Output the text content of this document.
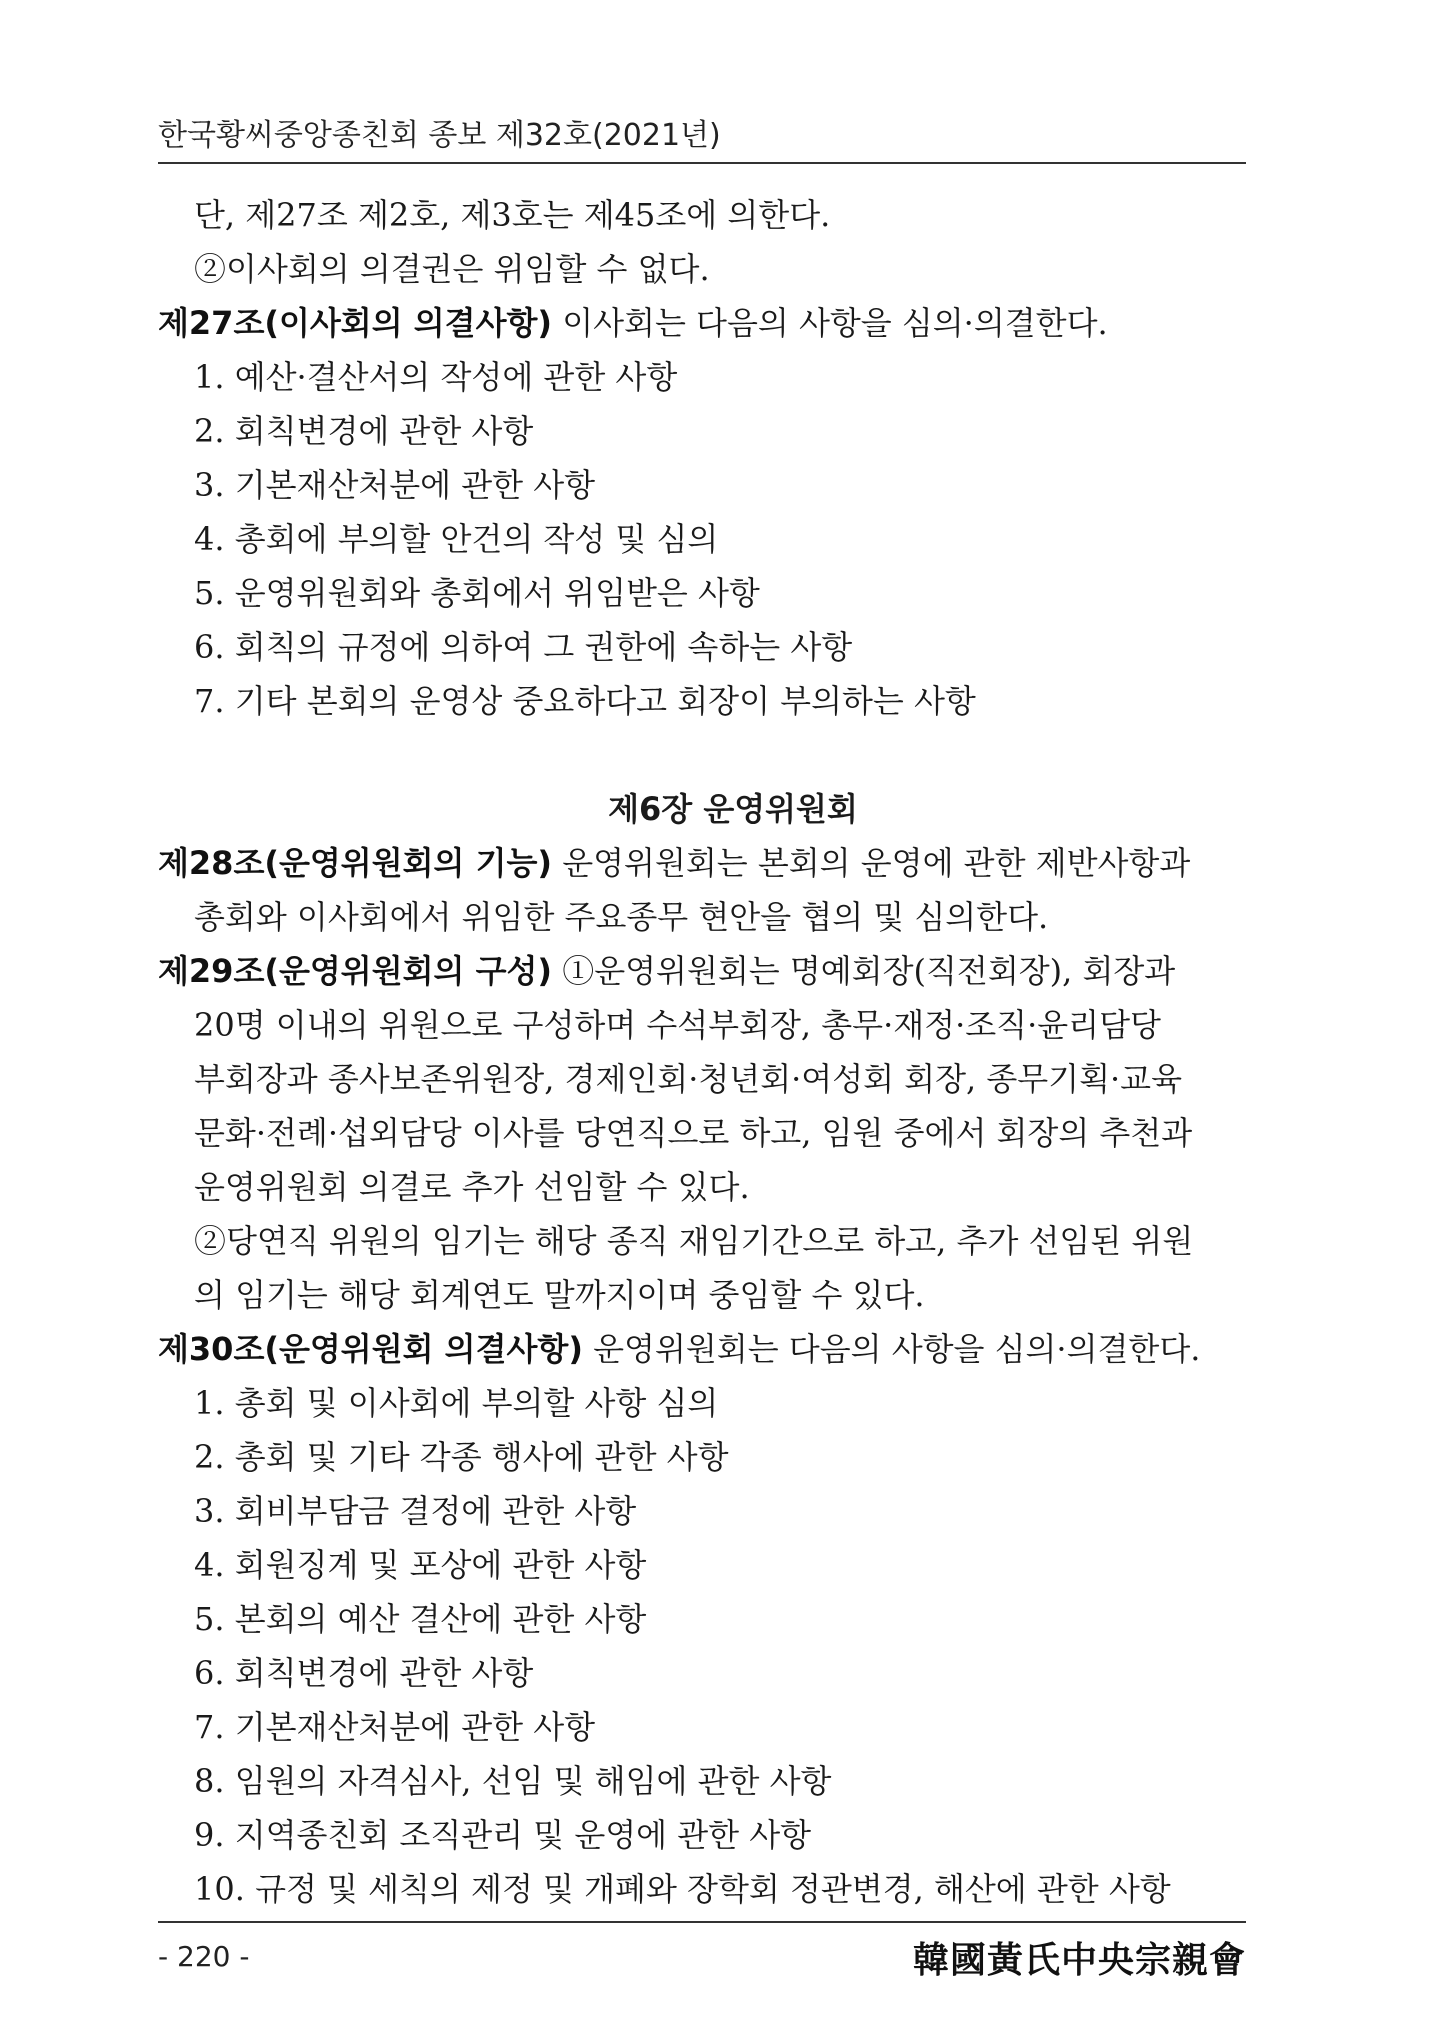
한국황씨중앙종친회 종보 제32호(2021년)
단, 제27조 제2호, 제3호는 제45조에 의한다.
②이사회의 의결권은 위임할 수 없다.
제27조(이사회의 의결사항) 이사회는 다음의 사항을 심의·의결한다.
1. 예산·결산서의 작성에 관한 사항
2. 회칙변경에 관한 사항
3. 기본재산처분에 관한 사항
4. 총회에 부의할 안건의 작성 및 심의
5. 운영위원회와 총회에서 위임받은 사항
6. 회칙의 규정에 의하여 그 권한에 속하는 사항
7. 기타 본회의 운영상 중요하다고 회장이 부의하는 사항
제6장 운영위원회
제28조(운영위원회의 기능) 운영위원회는 본회의 운영에 관한 제반사항과
총회와 이사회에서 위임한 주요종무 현안을 협의 및 심의한다.
제29조(운영위원회의 구성) ①운영위원회는 명예회장(직전회장), 회장과
20명 이내의 위원으로 구성하며 수석부회장, 총무·재정·조직·윤리담당
부회장과 종사보존위원장, 경제인회·청년회·여성회 회장, 종무기획·교육
문화·전례·섭외담당 이사를 당연직으로 하고, 임원 중에서 회장의 추천과
운영위원회 의결로 추가 선임할 수 있다.
②당연직 위원의 임기는 해당 종직 재임기간으로 하고, 추가 선임된 위원
의 임기는 해당 회계연도 말까지이며 중임할 수 있다.
제30조(운영위원회 의결사항) 운영위원회는 다음의 사항을 심의·의결한다.
1. 총회 및 이사회에 부의할 사항 심의
2. 총회 및 기타 각종 행사에 관한 사항
3. 회비부담금 결정에 관한 사항
4. 회원징계 및 포상에 관한 사항
5. 본회의 예산 결산에 관한 사항
6. 회칙변경에 관한 사항
7. 기본재산처분에 관한 사항
8. 임원의 자격심사, 선임 및 해임에 관한 사항
9. 지역종친회 조직관리 및 운영에 관한 사항
10. 규정 및 세칙의 제정 및 개폐와 장학회 정관변경, 해산에 관한 사항
- 220 -	韓國黃氏中央宗親會
